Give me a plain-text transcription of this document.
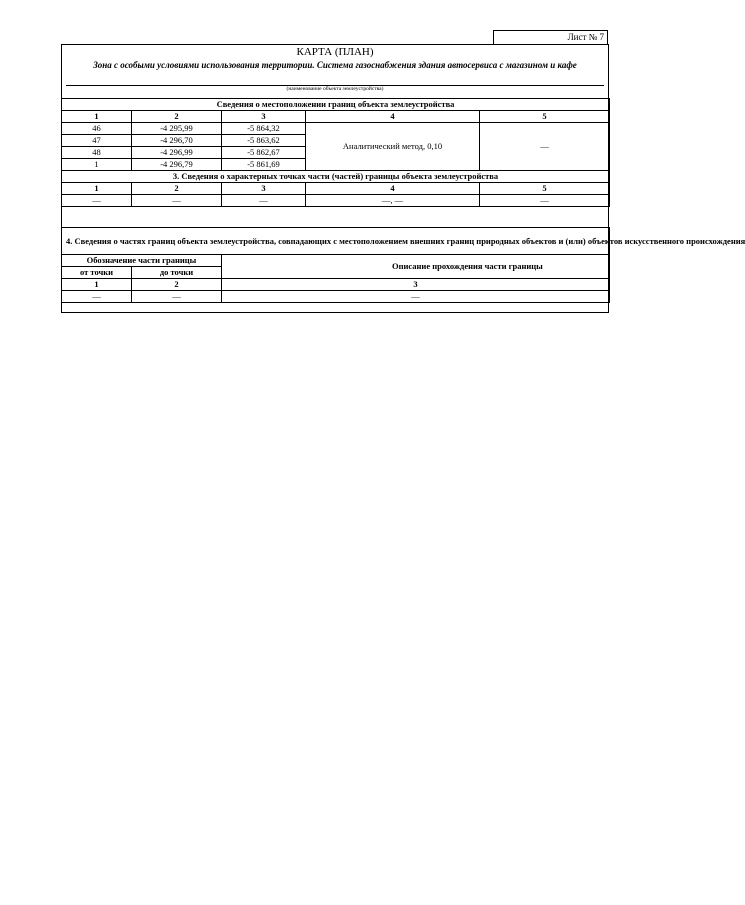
Лист № 7
КАРТА (ПЛАН)
Зона с особыми условиями использования территории. Система газоснабжения здания автосервиса с магазином и кафе
(наименование объекта землеустройства)
Сведения о местоположении границ объекта землеустройства				
1	2	3	4	5
46	-4 295,99	-5 864,32	Аналитический метод, 0,10	—
47	-4 296,70	-5 863,62		
48	-4 296,99	-5 862,67		
1	-4 296,79	-5 861,69		
3. Сведения о характерных точках части (частей) границы объекта землеустройства				
1	2	3	4	5
—	—	—	—, —	—
4. Сведения о частях границ объекта землеустройства, совпадающих с местоположением внешних границ природных объектов и (или) объектов искусственного происхождения		
Обозначение части границы		Описание прохождения части границы
от точки	до точки	
1	2	3
—	—	—
